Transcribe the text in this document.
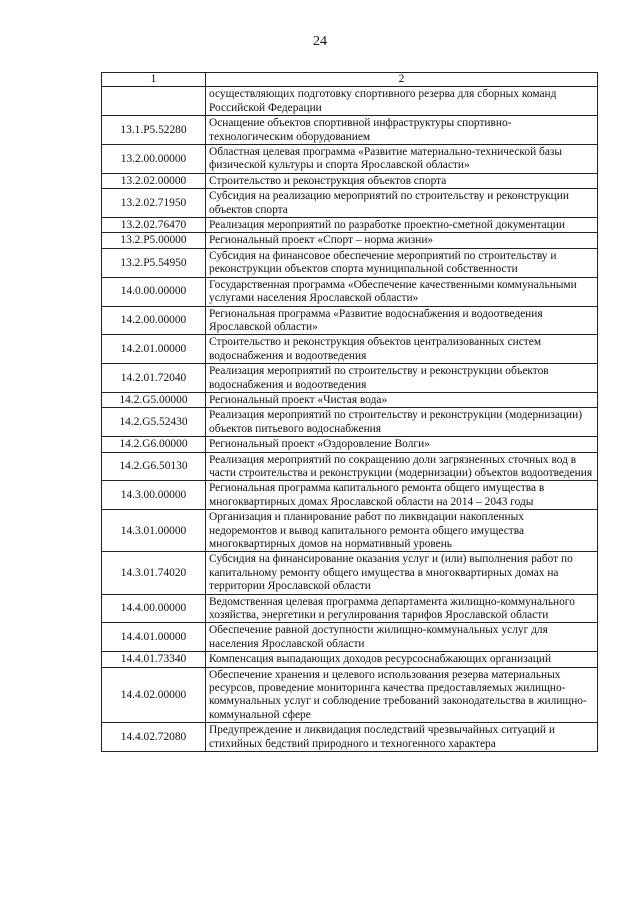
24
1	2
	осуществляющих подготовку спортивного резерва для сборных команд Российской Федерации
13.1.P5.52280	Оснащение объектов спортивной инфраструктуры спортивно-технологическим оборудованием
13.2.00.00000	Областная целевая программа «Развитие материально-технической базы физической культуры и спорта Ярославской области»
13.2.02.00000	Строительство и реконструкция объектов спорта
13.2.02.71950	Субсидия на реализацию мероприятий по строительству и реконструкции объектов спорта
13.2.02.76470	Реализация мероприятий по разработке проектно-сметной документации
13.2.P5.00000	Региональный проект «Спорт – норма жизни»
13.2.P5.54950	Субсидия на финансовое обеспечение мероприятий по строительству и реконструкции объектов спорта муниципальной собственности
14.0.00.00000	Государственная программа «Обеспечение качественными коммунальными услугами населения Ярославской области»
14.2.00.00000	Региональная программа «Развитие водоснабжения и водоотведения Ярославской области»
14.2.01.00000	Строительство и реконструкция объектов централизованных систем водоснабжения и водоотведения
14.2.01.72040	Реализация мероприятий по строительству и реконструкции объектов водоснабжения и водоотведения
14.2.G5.00000	Региональный проект «Чистая вода»
14.2.G5.52430	Реализация мероприятий по строительству и реконструкции (модернизации) объектов питьевого водоснабжения
14.2.G6.00000	Региональный проект «Оздоровление Волги»
14.2.G6.50130	Реализация мероприятий по сокращению доли загрязненных сточных вод в части строительства и реконструкции (модернизации) объектов водоотведения
14.3.00.00000	Региональная программа капитального ремонта общего имущества в многоквартирных домах Ярославской области на 2014 – 2043 годы
14.3.01.00000	Организация и планирование работ по ликвидации накопленных недоремонтов и вывод капитального ремонта общего имущества многоквартирных домов на нормативный уровень
14.3.01.74020	Субсидия на финансирование оказания услуг и (или) выполнения работ по капитальному ремонту общего имущества в многоквартирных домах на территории Ярославской области
14.4.00.00000	Ведомственная целевая программа департамента жилищно-коммунального хозяйства, энергетики и регулирования тарифов Ярославской области
14.4.01.00000	Обеспечение равной доступности жилищно-коммунальных услуг для населения Ярославской области
14.4.01.73340	Компенсация выпадающих доходов ресурсоснабжающих организаций
14.4.02.00000	Обеспечение хранения и целевого использования резерва материальных ресурсов, проведение мониторинга качества предоставляемых жилищно-коммунальных услуг и соблюдение требований законодательства в жилищно-коммунальной сфере
14.4.02.72080	Предупреждение и ликвидация последствий чрезвычайных ситуаций и стихийных бедствий природного и техногенного характера
